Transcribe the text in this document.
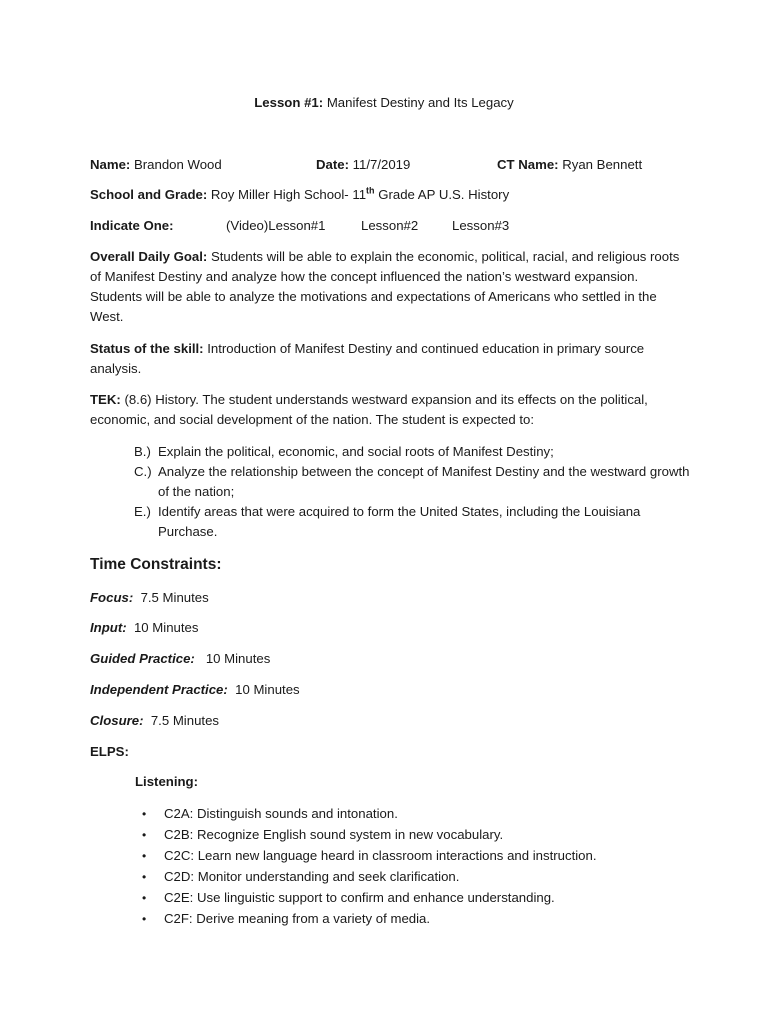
Lesson #1: Manifest Destiny and Its Legacy
Name: Brandon Wood	Date: 11/7/2019	CT Name: Ryan Bennett
School and Grade: Roy Miller High School- 11th Grade AP U.S. History
Indicate One:	(Video)Lesson#1	Lesson#2	Lesson#3
Overall Daily Goal: Students will be able to explain the economic, political, racial, and religious roots of Manifest Destiny and analyze how the concept influenced the nation’s westward expansion. Students will be able to analyze the motivations and expectations of Americans who settled in the West.
Status of the skill: Introduction of Manifest Destiny and continued education in primary source analysis.
TEK: (8.6) History. The student understands westward expansion and its effects on the political, economic, and social development of the nation. The student is expected to:
B.) Explain the political, economic, and social roots of Manifest Destiny;
C.) Analyze the relationship between the concept of Manifest Destiny and the westward growth of the nation;
E.) Identify areas that were acquired to form the United States, including the Louisiana Purchase.
Time Constraints:
Focus: 7.5 Minutes
Input: 10 Minutes
Guided Practice: 10 Minutes
Independent Practice: 10 Minutes
Closure: 7.5 Minutes
ELPS:
Listening:
• C2A: Distinguish sounds and intonation.
• C2B: Recognize English sound system in new vocabulary.
• C2C: Learn new language heard in classroom interactions and instruction.
• C2D: Monitor understanding and seek clarification.
• C2E: Use linguistic support to confirm and enhance understanding.
• C2F: Derive meaning from a variety of media.
